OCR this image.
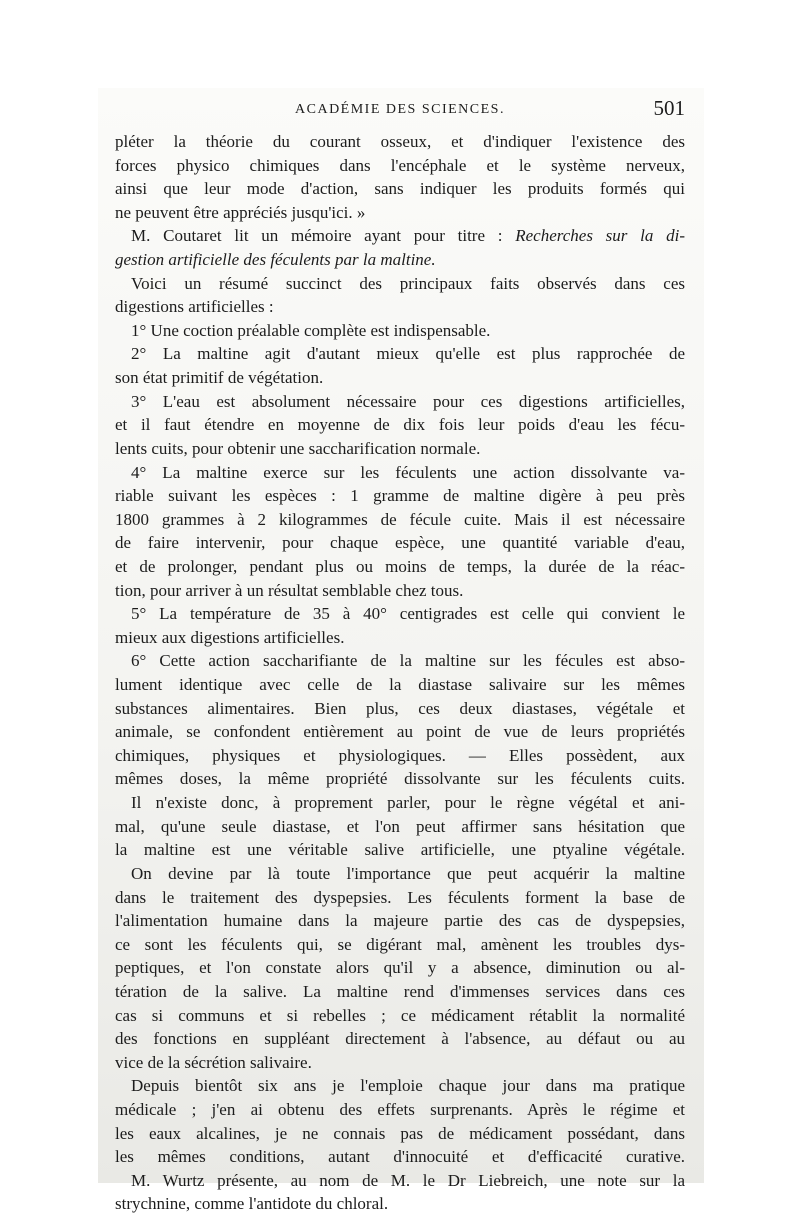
ACADÉMIE DES SCIENCES.	501
pléter la théorie du courant osseux, et d'indiquer l'existence des
forces physico chimiques dans l'encéphale et le système nerveux,
ainsi que leur mode d'action, sans indiquer les produits formés qui
ne peuvent être appréciés jusqu'ici. »
M. Coutaret lit un mémoire ayant pour titre : Recherches sur la di-
gestion artificielle des féculents par la maltine.
Voici un résumé succinct des principaux faits observés dans ces
digestions artificielles :
1° Une coction préalable complète est indispensable.
2° La maltine agit d'autant mieux qu'elle est plus rapprochée de
son état primitif de végétation.
3° L'eau est absolument nécessaire pour ces digestions artificielles,
et il faut étendre en moyenne de dix fois leur poids d'eau les fécu-
lents cuits, pour obtenir une saccharification normale.
4° La maltine exerce sur les féculents une action dissolvante va-
riable suivant les espèces : 1 gramme de maltine digère à peu près
1800 grammes à 2 kilogrammes de fécule cuite. Mais il est nécessaire
de faire intervenir, pour chaque espèce, une quantité variable d'eau,
et de prolonger, pendant plus ou moins de temps, la durée de la réac-
tion, pour arriver à un résultat semblable chez tous.
5° La température de 35 à 40° centigrades est celle qui convient le
mieux aux digestions artificielles.
6° Cette action saccharifiante de la maltine sur les fécules est abso-
lument identique avec celle de la diastase salivaire sur les mêmes
substances alimentaires. Bien plus, ces deux diastases, végétale et
animale, se confondent entièrement au point de vue de leurs propriétés
chimiques, physiques et physiologiques. — Elles possèdent, aux
mêmes doses, la même propriété dissolvante sur les féculents cuits.
Il n'existe donc, à proprement parler, pour le règne végétal et ani-
mal, qu'une seule diastase, et l'on peut affirmer sans hésitation que
la maltine est une véritable salive artificielle, une ptyaline végétale.
On devine par là toute l'importance que peut acquérir la maltine
dans le traitement des dyspepsies. Les féculents forment la base de
l'alimentation humaine dans la majeure partie des cas de dyspepsies,
ce sont les féculents qui, se digérant mal, amènent les troubles dys-
peptiques, et l'on constate alors qu'il y a absence, diminution ou al-
tération de la salive. La maltine rend d'immenses services dans ces
cas si communs et si rebelles ; ce médicament rétablit la normalité
des fonctions en suppléant directement à l'absence, au défaut ou au
vice de la sécrétion salivaire.
Depuis bientôt six ans je l'emploie chaque jour dans ma pratique
médicale ; j'en ai obtenu des effets surprenants. Après le régime et
les eaux alcalines, je ne connais pas de médicament possédant, dans
les mêmes conditions, autant d'innocuité et d'efficacité curative.
M. Wurtz présente, au nom de M. le Dr Liebreich, une note sur la
strychnine, comme l'antidote du chloral.
